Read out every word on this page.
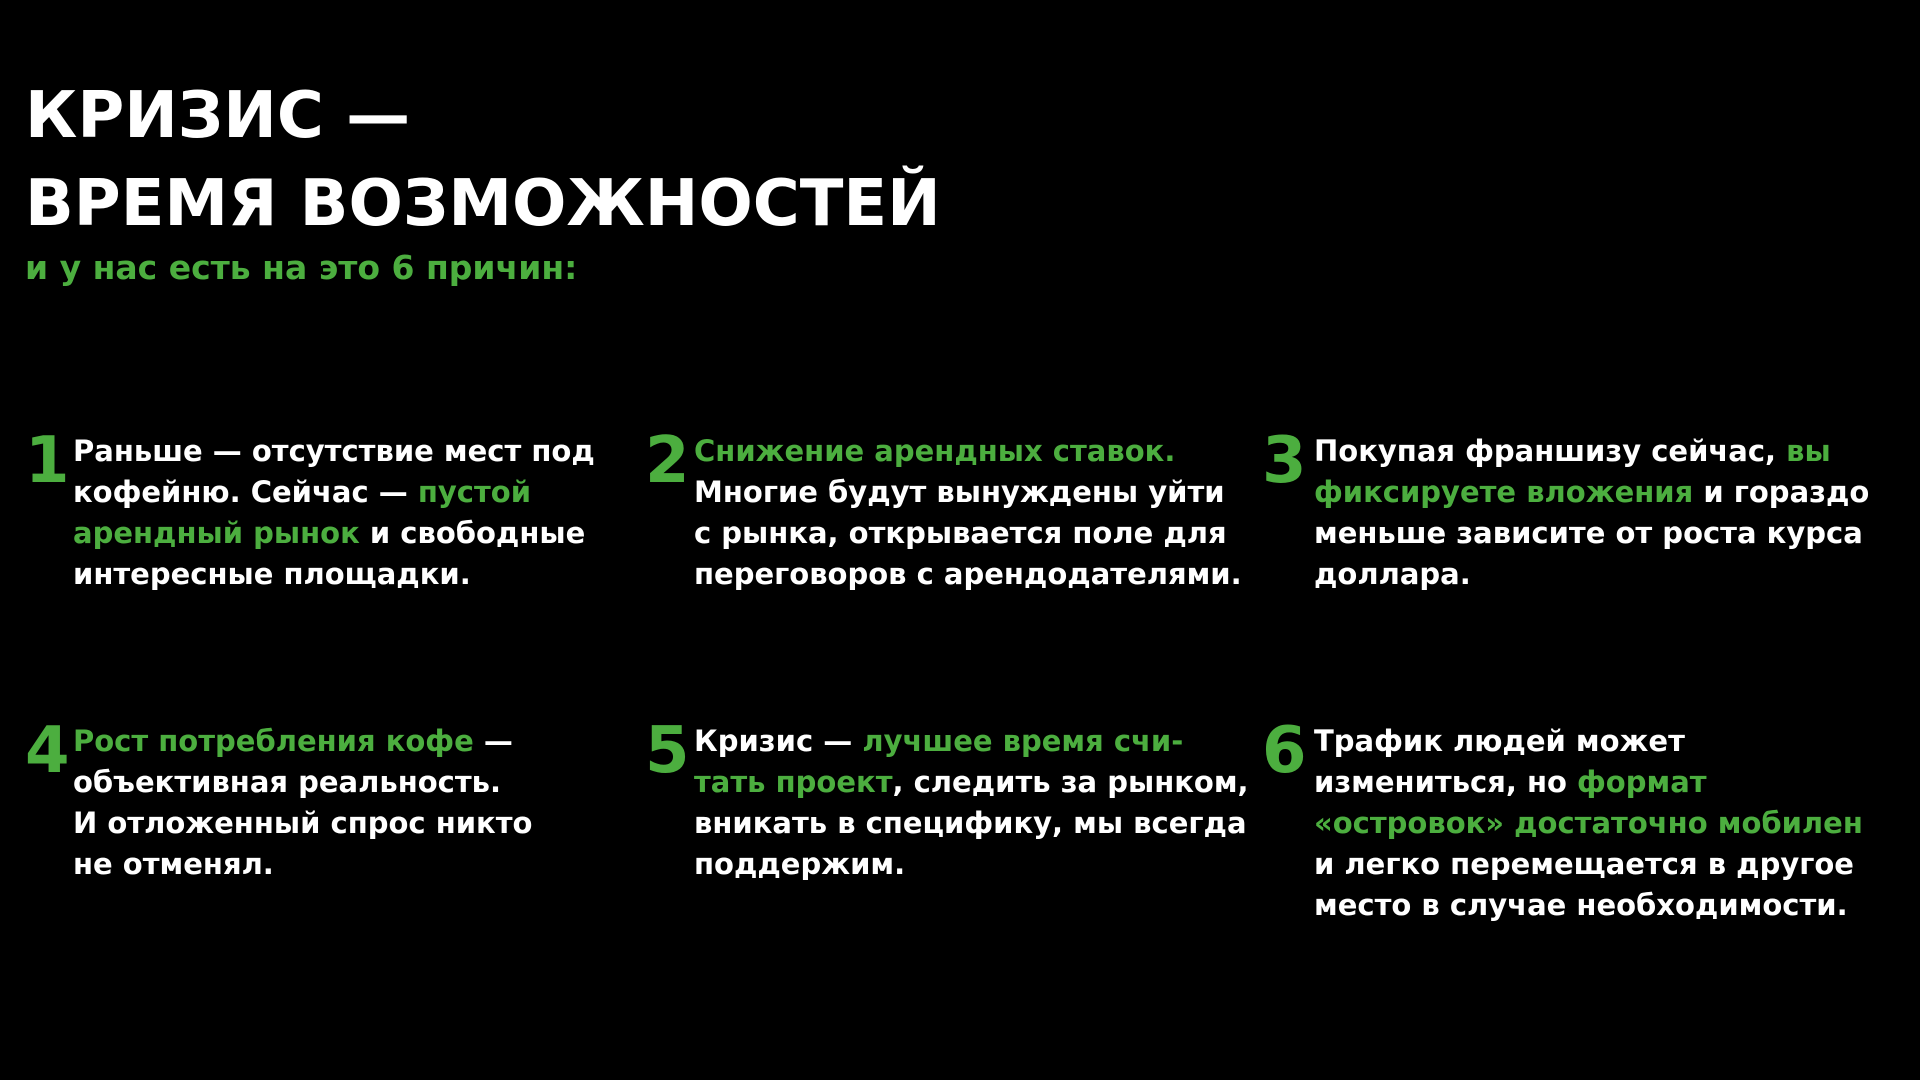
КРИЗИС —
ВРЕМЯ ВОЗМОЖНОСТЕЙ
и у нас есть на это 6 причин:
1 Раньше — отсутствие мест под
кофейню. Сейчас — пустой
арендный рынок и свободные
интересные площадки.
2 Снижение арендных ставок.
Многие будут вынуждены уйти
с рынка, открывается поле для
переговоров с арендодателями.
3 Покупая франшизу сейчас, вы
фиксируете вложения и гораздо
меньше зависите от роста курса
доллара.
4 Рост потребления кофе —
объективная реальность.
И отложенный спрос никто
не отменял.
5 Кризис — лучшее время счи-
тать проект, следить за рынком,
вникать в специфику, мы всегда
поддержим.
6 Трафик людей может
измениться, но формат
«островок» достаточно мобилен
и легко перемещается в другое
место в случае необходимости.
